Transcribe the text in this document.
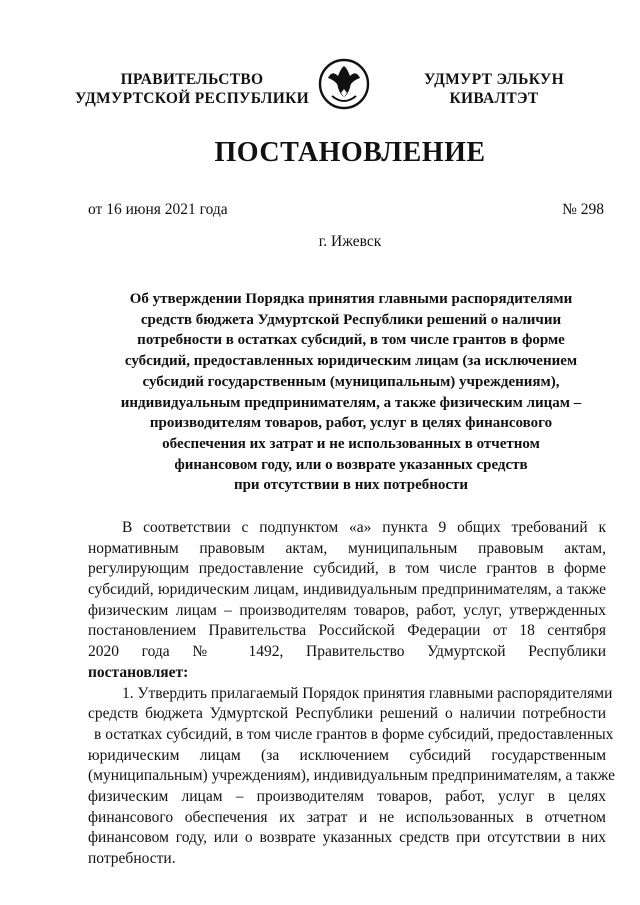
ПРАВИТЕЛЬСТВО
УДМУРТСКОЙ РЕСПУБЛИКИ
УДМУРТ ЭЛЬКУН
КИВАЛТЭТ
ПОСТАНОВЛЕНИЕ
от 16 июня 2021 года	№ 298
г. Ижевск
Об утверждении Порядка принятия главными распорядителями
средств бюджета Удмуртской Республики решений о наличии
потребности в остатках субсидий, в том числе грантов в форме
субсидий, предоставленных юридическим лицам (за исключением
субсидий государственным (муниципальным) учреждениям),
индивидуальным предпринимателям, а также физическим лицам –
производителям товаров, работ, услуг в целях финансового
обеспечения их затрат и не использованных в отчетном
финансовом году, или о возврате указанных средств
при отсутствии в них потребности
В соответствии с подпунктом «а» пункта 9 общих требований к
нормативным правовым актам, муниципальным правовым актам,
регулирующим предоставление субсидий, в том числе грантов в форме
субсидий, юридическим лицам, индивидуальным предпринимателям, а также
физическим лицам – производителям товаров, работ, услуг, утвержденных
постановлением Правительства Российской Федерации от 18 сентября
2020 года № 1492, Правительство Удмуртской Республики
постановляет:
1. Утвердить прилагаемый Порядок принятия главными распорядителями
средств бюджета Удмуртской Республики решений о наличии потребности
в остатках субсидий, в том числе грантов в форме субсидий, предоставленных
юридическим лицам (за исключением субсидий государственным
(муниципальным) учреждениям), индивидуальным предпринимателям, а также
физическим лицам – производителям товаров, работ, услуг в целях
финансового обеспечения их затрат и не использованных в отчетном
финансовом году, или о возврате указанных средств при отсутствии в них
потребности.
